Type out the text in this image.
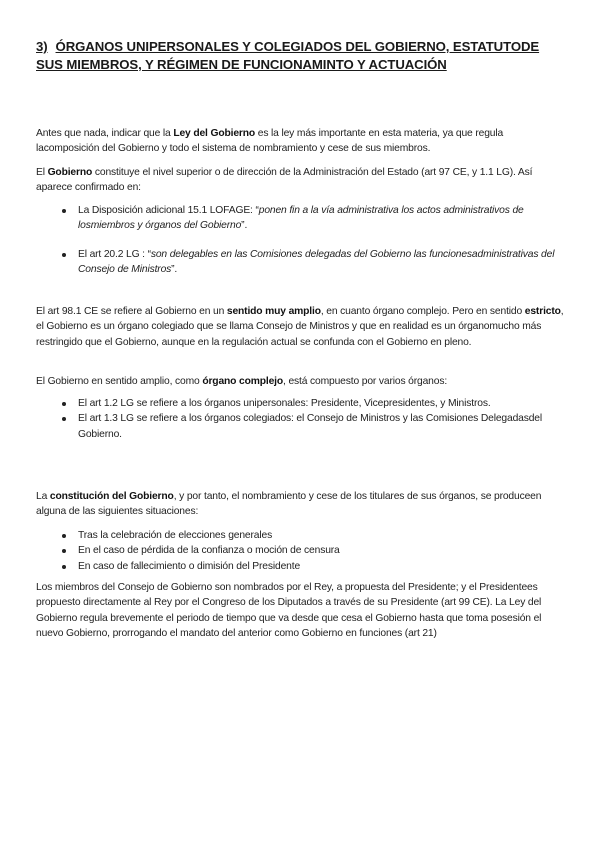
3) ÓRGANOS UNIPERSONALES Y COLEGIADOS DEL GOBIERNO, ESTATUTODE SUS MIEMBROS, Y RÉGIMEN DE FUNCIONAMINTO Y ACTUACIÓN
Antes que nada, indicar que la Ley del Gobierno es la ley más importante en esta materia, ya que regula lacomposición del Gobierno y todo el sistema de nombramiento y cese de sus miembros.
El Gobierno constituye el nivel superior o de dirección de la Administración del Estado (art 97 CE, y 1.1 LG). Así aparece confirmado en:
La Disposición adicional 15.1 LOFAGE: “ponen fin a la vía administrativa los actos administrativos de losmiembros y órganos del Gobierno”.
El art 20.2 LG : “son delegables en las Comisiones delegadas del Gobierno las funcionesadministrativas del Consejo de Ministros”.
El art 98.1 CE se refiere al Gobierno en un sentido muy amplio, en cuanto órgano complejo. Pero en sentido estricto, el Gobierno es un órgano colegiado que se llama Consejo de Ministros y que en realidad es un órganomucho más restringido que el Gobierno, aunque en la regulación actual se confunda con el Gobierno en pleno.
El Gobierno en sentido amplio, como órgano complejo, está compuesto por varios órganos:
El art 1.2 LG se refiere a los órganos unipersonales: Presidente, Vicepresidentes, y Ministros.
El art 1.3 LG se refiere a los órganos colegiados: el Consejo de Ministros y las Comisiones Delegadasdel Gobierno.
La constitución del Gobierno, y por tanto, el nombramiento y cese de los titulares de sus órganos, se produceen alguna de las siguientes situaciones:
Tras la celebración de elecciones generales
En el caso de pérdida de la confianza o moción de censura
En caso de fallecimiento o dimisión del Presidente
Los miembros del Consejo de Gobierno son nombrados por el Rey, a propuesta del Presidente; y el Presidentees propuesto directamente al Rey por el Congreso de los Diputados a través de su Presidente (art 99 CE). La Ley del Gobierno regula brevemente el periodo de tiempo que va desde que cesa el Gobierno hasta que toma posesión el nuevo Gobierno, prorrogando el mandato del anterior como Gobierno en funciones (art 21)
